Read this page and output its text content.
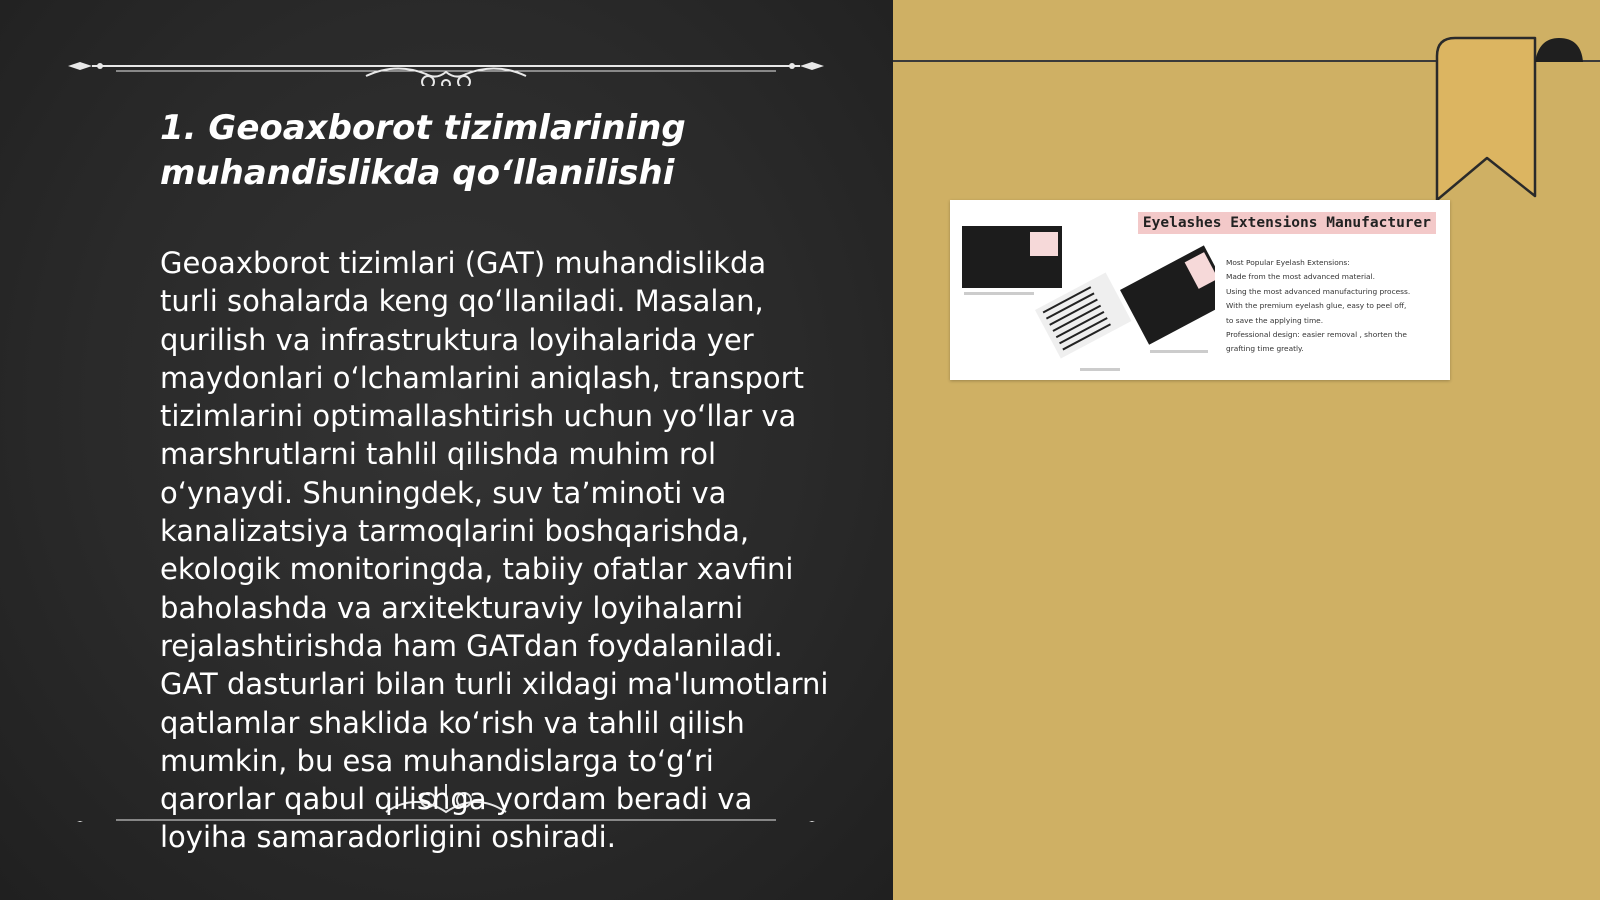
1. Geoaxborot tizimlarining muhandislikda qo‘llanilishi

Geoaxborot tizimlari (GAT) muhandislikda turli sohalarda keng qo‘llaniladi. Masalan, qurilish va infrastruktura loyihalarida yer maydonlari o‘lchamlarini aniqlash, transport tizimlarini optimallashtirish uchun yo‘llar va marshrutlarni tahlil qilishda muhim rol o‘ynaydi. Shuningdek, suv ta’minoti va kanalizatsiya tarmoqlarini boshqarishda, ekologik monitoringda, tabiiy ofatlar xavfini baholashda va arxitekturaviy loyihalarni rejalashtirishda ham GATdan foydalaniladi. GAT dasturlari bilan turli xildagi ma'lumotlarni qatlamlar shaklida ko‘rish va tahlil qilish mumkin, bu esa muhandislarga to‘g‘ri qarorlar qabul qilishga yordam beradi va loyiha samaradorligini oshiradi.

Eyelashes Extensions Manufacturer
Most Popular Eyelash Extensions:
Made from the most advanced material.
Using the most advanced manufacturing process.
With the premium eyelash glue, easy to peel off,
to save the applying time.
Professional design: easier removal , shorten the
grafting time greatly.
